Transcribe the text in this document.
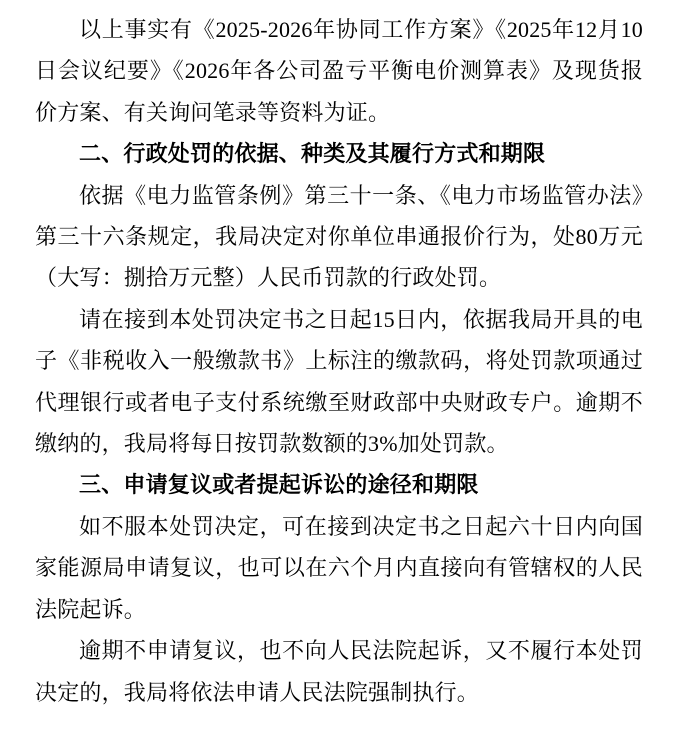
以上事实有《2025-2026年协同工作方案》《2025年12月10日会议纪要》《2026年各公司盈亏平衡电价测算表》及现货报价方案、有关询问笔录等资料为证。

二、行政处罚的依据、种类及其履行方式和期限

依据《电力监管条例》第三十一条、《电力市场监管办法》第三十六条规定，我局决定对你单位串通报价行为，处80万元（大写：捌拾万元整）人民币罚款的行政处罚。

请在接到本处罚决定书之日起15日内，依据我局开具的电子《非税收入一般缴款书》上标注的缴款码，将处罚款项通过代理银行或者电子支付系统缴至财政部中央财政专户。逾期不缴纳的，我局将每日按罚款数额的3%加处罚款。

三、申请复议或者提起诉讼的途径和期限

如不服本处罚决定，可在接到决定书之日起六十日内向国家能源局申请复议，也可以在六个月内直接向有管辖权的人民法院起诉。

逾期不申请复议，也不向人民法院起诉，又不履行本处罚决定的，我局将依法申请人民法院强制执行。
